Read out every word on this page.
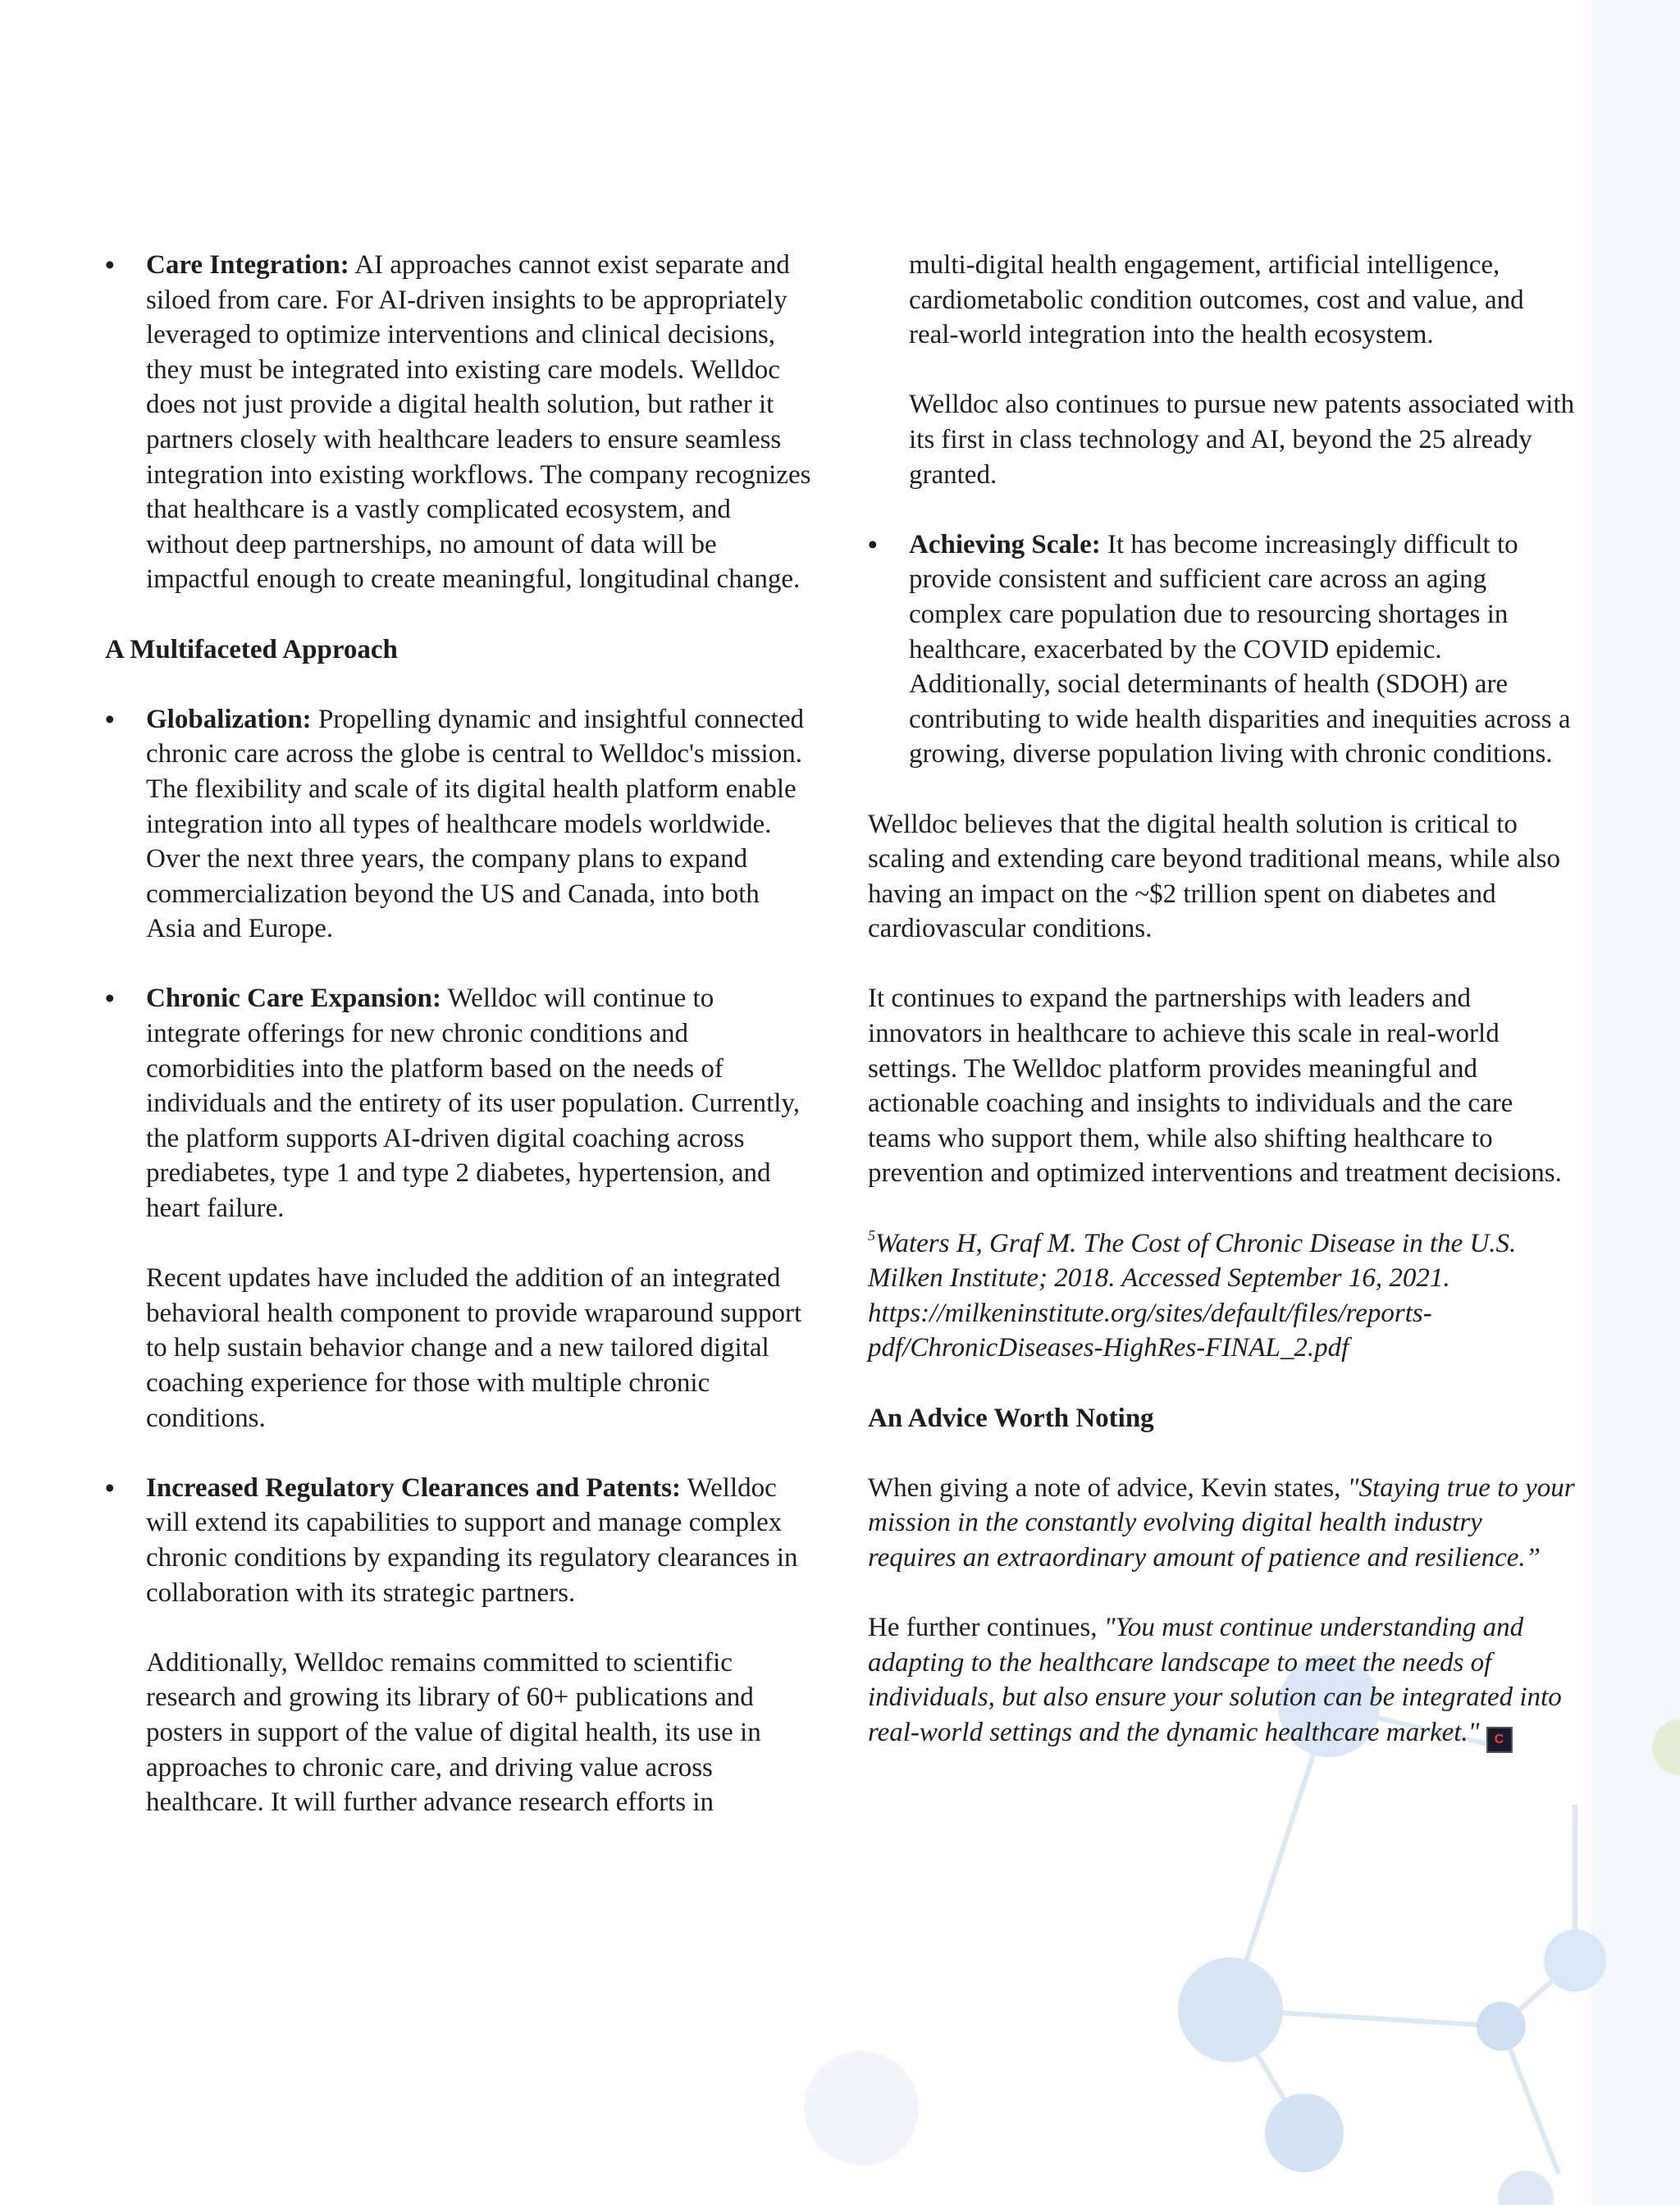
• Care Integration: AI approaches cannot exist separate and siloed from care. For AI-driven insights to be appropriately leveraged to optimize interventions and clinical decisions, they must be integrated into existing care models. Welldoc does not just provide a digital health solution, but rather it partners closely with healthcare leaders to ensure seamless integration into existing workflows. The company recognizes that healthcare is a vastly complicated ecosystem, and without deep partnerships, no amount of data will be impactful enough to create meaningful, longitudinal change.
A Multifaceted Approach
• Globalization: Propelling dynamic and insightful connected chronic care across the globe is central to Welldoc's mission. The flexibility and scale of its digital health platform enable integration into all types of healthcare models worldwide. Over the next three years, the company plans to expand commercialization beyond the US and Canada, into both Asia and Europe.
• Chronic Care Expansion: Welldoc will continue to integrate offerings for new chronic conditions and comorbidities into the platform based on the needs of individuals and the entirety of its user population. Currently, the platform supports AI-driven digital coaching across prediabetes, type 1 and type 2 diabetes, hypertension, and heart failure.

Recent updates have included the addition of an integrated behavioral health component to provide wraparound support to help sustain behavior change and a new tailored digital coaching experience for those with multiple chronic conditions.

• Increased Regulatory Clearances and Patents: Welldoc will extend its capabilities to support and manage complex chronic conditions by expanding its regulatory clearances in collaboration with its strategic partners.

Additionally, Welldoc remains committed to scientific research and growing its library of 60+ publications and posters in support of the value of digital health, its use in approaches to chronic care, and driving value across healthcare. It will further advance research efforts in

multi-digital health engagement, artificial intelligence, cardiometabolic condition outcomes, cost and value, and real-world integration into the health ecosystem.

Welldoc also continues to pursue new patents associated with its first in class technology and AI, beyond the 25 already granted.

• Achieving Scale: It has become increasingly difficult to provide consistent and sufficient care across an aging complex care population due to resourcing shortages in healthcare, exacerbated by the COVID epidemic. Additionally, social determinants of health (SDOH) are contributing to wide health disparities and inequities across a growing, diverse population living with chronic conditions.

Welldoc believes that the digital health solution is critical to scaling and extending care beyond traditional means, while also having an impact on the ~$2 trillion spent on diabetes and cardiovascular conditions.

It continues to expand the partnerships with leaders and innovators in healthcare to achieve this scale in real-world settings. The Welldoc platform provides meaningful and actionable coaching and insights to individuals and the care teams who support them, while also shifting healthcare to prevention and optimized interventions and treatment decisions.

$^5$Waters H, Graf M. The Cost of Chronic Disease in the U.S. Milken Institute; 2018. Accessed September 16, 2021. https://milkeninstitute.org/sites/default/files/reports-pdf/ChronicDiseases-HighRes-FINAL_2.pdf

An Advice Worth Noting

When giving a note of advice, Kevin states, "Staying true to your mission in the constantly evolving digital health industry requires an extraordinary amount of patience and resilience.”

He further continues, "You must continue understanding and adapting to the healthcare landscape to meet the needs of individuals, but also ensure your solution can be integrated into real-world settings and the dynamic healthcare market." C
